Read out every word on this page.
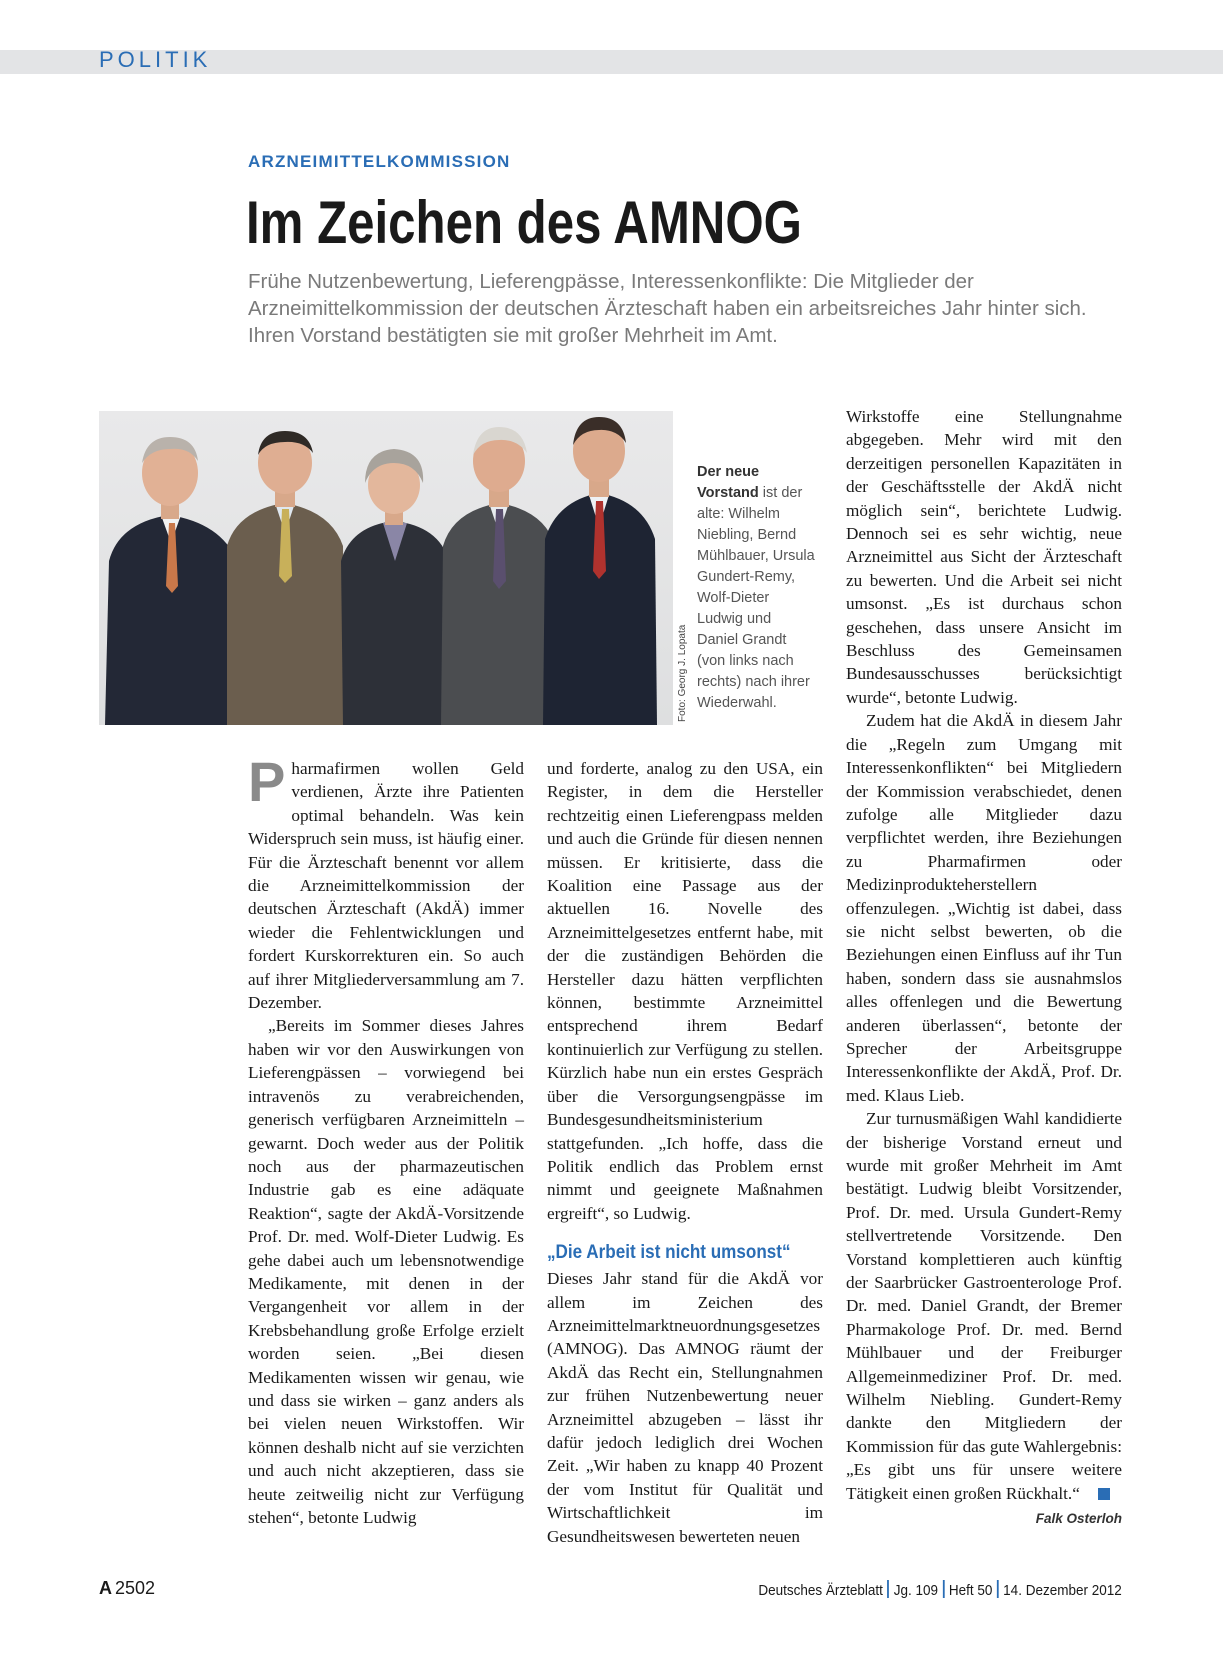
POLITIK
ARZNEIMITTELKOMMISSION
Im Zeichen des AMNOG
Frühe Nutzenbewertung, Lieferengpässe, Interessenkonflikte: Die Mitglieder der Arzneimittelkommission der deutschen Ärzteschaft haben ein arbeitsreiches Jahr hinter sich. Ihren Vorstand bestätigten sie mit großer Mehrheit im Amt.
Foto: Georg J. Lopata
Der neue Vorstand ist der alte: Wilhelm Niebling, Bernd Mühlbauer, Ursula Gundert-Remy, Wolf-Dieter Ludwig und Daniel Grandt (von links nach rechts) nach ihrer Wiederwahl.

Pharmafirmen wollen Geld verdienen, Ärzte ihre Patienten optimal behandeln. Was kein Widerspruch sein muss, ist häufig einer. Für die Ärzteschaft benennt vor allem die Arzneimittelkommission der deutschen Ärzteschaft (AkdÄ) immer wieder die Fehlentwicklungen und fordert Kurskorrekturen ein. So auch auf ihrer Mitgliederversammlung am 7. Dezember.

„Bereits im Sommer dieses Jahres haben wir vor den Auswirkungen von Lieferengpässen – vorwiegend bei intravenös zu verabreichenden, generisch verfügbaren Arzneimitteln – gewarnt. Doch weder aus der Politik noch aus der pharmazeutischen Industrie gab es eine adäquate Reaktion“, sagte der AkdÄ-Vorsitzende Prof. Dr. med. Wolf-Dieter Ludwig. Es gehe dabei auch um lebensnotwendige Medikamente, mit denen in der Vergangenheit vor allem in der Krebsbehandlung große Erfolge erzielt worden seien. „Bei diesen Medikamenten wissen wir genau, wie und dass sie wirken – ganz anders als bei vielen neuen Wirkstoffen. Wir können deshalb nicht auf sie verzichten und auch nicht akzeptieren, dass sie heute zeitweilig nicht zur Verfügung stehen“, betonte Ludwig

und forderte, analog zu den USA, ein Register, in dem die Hersteller rechtzeitig einen Lieferengpass melden und auch die Gründe für diesen nennen müssen. Er kritisierte, dass die Koalition eine Passage aus der aktuellen 16. Novelle des Arzneimittelgesetzes entfernt habe, mit der die zuständigen Behörden die Hersteller dazu hätten verpflichten können, bestimmte Arzneimittel entsprechend ihrem Bedarf kontinuierlich zur Verfügung zu stellen. Kürzlich habe nun ein erstes Gespräch über die Versorgungsengpässe im Bundesgesundheitsministerium stattgefunden. „Ich hoffe, dass die Politik endlich das Problem ernst nimmt und geeignete Maßnahmen ergreift“, so Ludwig.

„Die Arbeit ist nicht umsonst“

Dieses Jahr stand für die AkdÄ vor allem im Zeichen des Arzneimittelmarktneuordnungsgesetzes (AMNOG). Das AMNOG räumt der AkdÄ das Recht ein, Stellungnahmen zur frühen Nutzenbewertung neuer Arzneimittel abzugeben – lässt ihr dafür jedoch lediglich drei Wochen Zeit. „Wir haben zu knapp 40 Prozent der vom Institut für Qualität und Wirtschaftlichkeit im Gesundheitswesen bewerteten neuen

Wirkstoffe eine Stellungnahme abgegeben. Mehr wird mit den derzeitigen personellen Kapazitäten in der Geschäftsstelle der AkdÄ nicht möglich sein“, berichtete Ludwig. Dennoch sei es sehr wichtig, neue Arzneimittel aus Sicht der Ärzteschaft zu bewerten. Und die Arbeit sei nicht umsonst. „Es ist durchaus schon geschehen, dass unsere Ansicht im Beschluss des Gemeinsamen Bundesausschusses berücksichtigt wurde“, betonte Ludwig.

Zudem hat die AkdÄ in diesem Jahr die „Regeln zum Umgang mit Interessenkonflikten“ bei Mitgliedern der Kommission verabschiedet, denen zufolge alle Mitglieder dazu verpflichtet werden, ihre Beziehungen zu Pharmafirmen oder Medizinprodukteherstellern offenzulegen. „Wichtig ist dabei, dass sie nicht selbst bewerten, ob die Beziehungen einen Einfluss auf ihr Tun haben, sondern dass sie ausnahmslos alles offenlegen und die Bewertung anderen überlassen“, betonte der Sprecher der Arbeitsgruppe Interessenkonflikte der AkdÄ, Prof. Dr. med. Klaus Lieb.

Zur turnusmäßigen Wahl kandidierte der bisherige Vorstand erneut und wurde mit großer Mehrheit im Amt bestätigt. Ludwig bleibt Vorsitzender, Prof. Dr. med. Ursula Gundert-Remy stellvertretende Vorsitzende. Den Vorstand komplettieren auch künftig der Saarbrücker Gastroenterologe Prof. Dr. med. Daniel Grandt, der Bremer Pharmakologe Prof. Dr. med. Bernd Mühlbauer und der Freiburger Allgemeinmediziner Prof. Dr. med. Wilhelm Niebling. Gundert-Remy dankte den Mitgliedern der Kommission für das gute Wahlergebnis: „Es gibt uns für unsere weitere Tätigkeit einen großen Rückhalt.“

Falk Osterloh
A 2502	Deutsches Ärzteblatt Jg. 109 Heft 50 14. Dezember 2012
